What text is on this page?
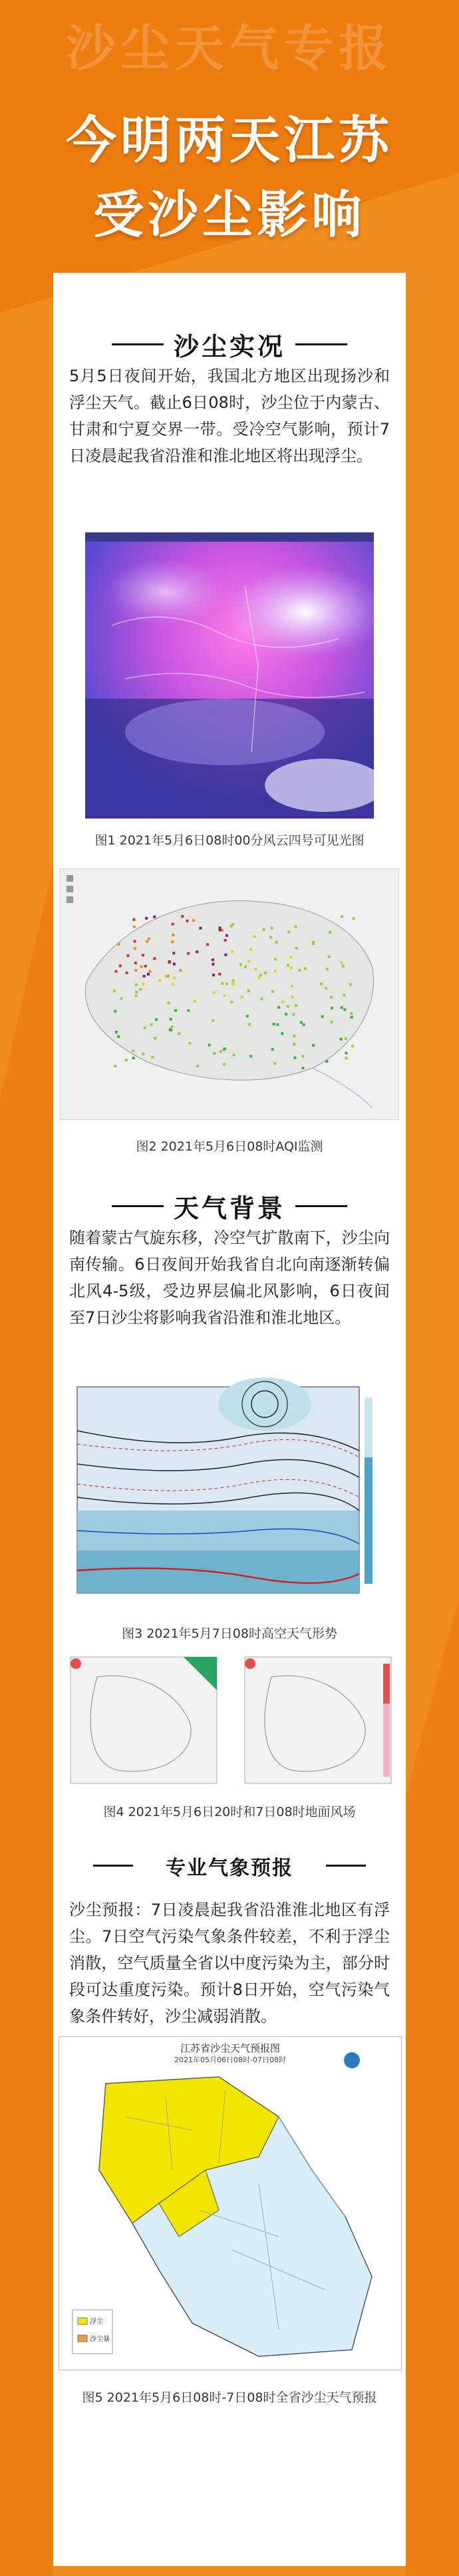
沙尘天气专报
今明两天江苏
受沙尘影响
沙尘实况
5月5日夜间开始，我国北方地区出现扬沙和浮尘天气。截止6日08时，沙尘位于内蒙古、甘肃和宁夏交界一带。受冷空气影响，预计7日凌晨起我省沿淮和淮北地区将出现浮尘。
图1 2021年5月6日08时00分风云四号可见光图
图2 2021年5月6日08时AQI监测
天气背景
随着蒙古气旋东移，冷空气扩散南下，沙尘向南传输。6日夜间开始我省自北向南逐渐转偏北风4-5级，受边界层偏北风影响，6日夜间至7日沙尘将影响我省沿淮和淮北地区。
图3 2021年5月7日08时高空天气形势
图4 2021年5月6日20时和7日08时地面风场
专业气象预报
沙尘预报：7日凌晨起我省沿淮淮北地区有浮尘。7日空气污染气象条件较差，不利于浮尘消散，空气质量全省以中度污染为主，部分时段可达重度污染。预计8日开始，空气污染气象条件转好，沙尘减弱消散。
江苏省沙尘天气预报图
2021年05月06日08时-07日08时
浮尘
沙尘暴
图5 2021年5月6日08时-7日08时全省沙尘天气预报
